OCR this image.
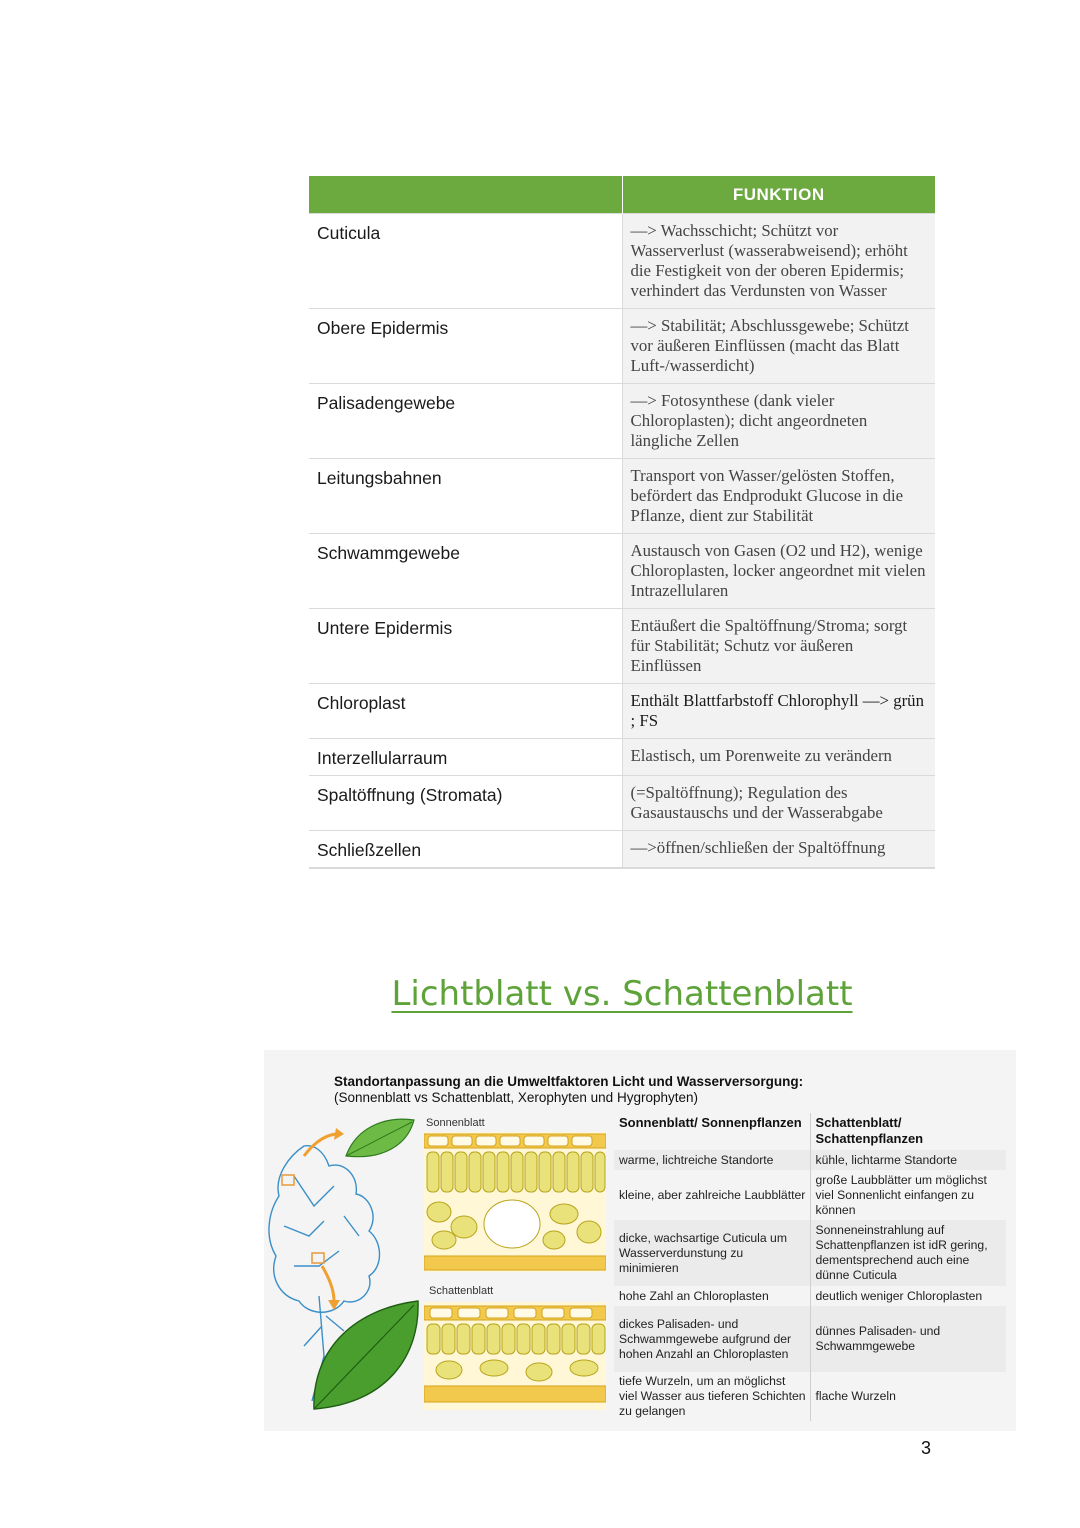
	FUNKTION
Cuticula	—> Wachsschicht; Schützt vor Wasserverlust (wasserabweisend); erhöht die Festigkeit von der oberen Epidermis; verhindert das Verdunsten von Wasser
Obere Epidermis	—> Stabilität; Abschlussgewebe; Schützt vor äußeren Einflüssen (macht das Blatt Luft-/wasserdicht)
Palisadengewebe	—> Fotosynthese (dank vieler Chloroplasten); dicht angeordneten längliche Zellen
Leitungsbahnen	Transport von Wasser/gelösten Stoffen, befördert das Endprodukt Glucose in die Pflanze, dient zur Stabilität
Schwammgewebe	Austausch von Gasen (O2 und H2), wenige Chloroplasten, locker angeordnet mit vielen Intrazellularen
Untere Epidermis	Entäußert die Spaltöffnung/Stroma; sorgt für Stabilität; Schutz vor äußeren Einflüssen
Chloroplast	Enthält Blattfarbstoff Chlorophyll —> grün ; FS
Interzellularraum	Elastisch, um Porenweite zu verändern
Spaltöffnung (Stromata)	(=Spaltöffnung); Regulation des Gasaustauschs und der Wasserabgabe
Schließzellen	—>öffnen/schließen der Spaltöffnung
Lichtblatt vs. Schattenblatt
Standortanpassung an die Umweltfaktoren Licht und Wasserversorgung:
(Sonnenblatt vs Schattenblatt, Xerophyten und Hygrophyten)
Sonnenblatt
Schattenblatt
Sonnenblatt/ Sonnenpflanzen	Schattenblatt/ Schattenpflanzen
warme, lichtreiche Standorte	kühle, lichtarme Standorte
kleine, aber zahlreiche Laubblätter	große Laubblätter um möglichst viel Sonnenlicht einfangen zu können
dicke, wachsartige Cuticula um Wasserverdunstung zu minimieren	Sonneneinstrahlung auf Schattenpflanzen ist idR gering, dementsprechend auch eine dünne Cuticula
hohe Zahl an Chloroplasten	deutlich weniger Chloroplasten
dickes Palisaden- und Schwammgewebe aufgrund der hohen Anzahl an Chloroplasten	dünnes Palisaden- und Schwammgewebe
tiefe Wurzeln, um an möglichst viel Wasser aus tieferen Schichten zu gelangen	flache Wurzeln
3
